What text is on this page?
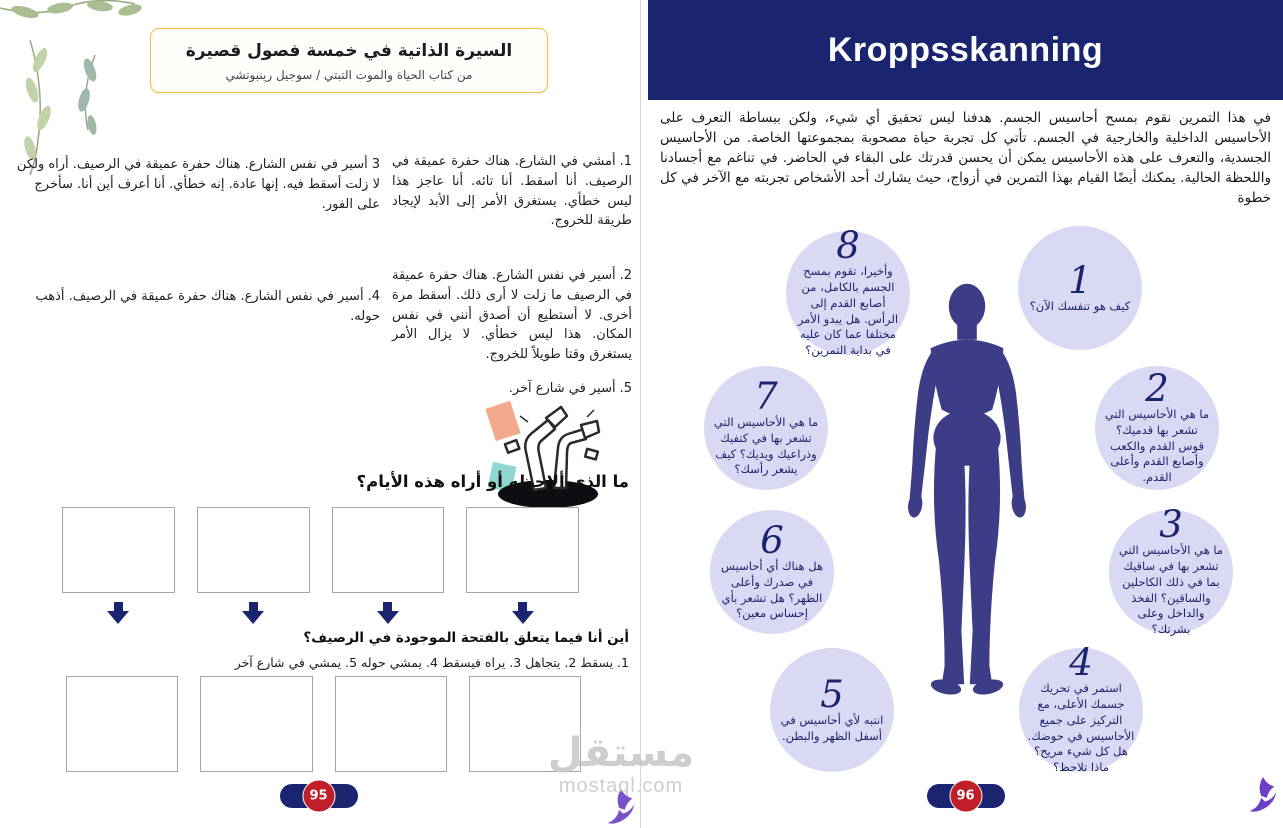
السيرة الذاتية في خمسة فصول قصيرة
من كتاب الحياة والموت التبتي / سوجيل رينبوتشي
1.أمشي في الشارع. هناك حفرة عميقة في الرصيف. أنا أسقط. أنا تائه. أنا عاجز هذا ليس خطأي. يستغرق الأمر إلى الأبد لإيجاد طريقة للخروج.
2.أسير في نفس الشارع. هناك حفرة عميقة في الرصيف ما زلت لا أرى ذلك. أسقط مرة أخرى. لا أستطيع أن أصدق أنني في نفس المكان. هذا ليس خطأي. لا يزال الأمر يستغرق وقتا طويلاً للخروج.
3أسير في نفس الشارع. هناك حفرة عميقة في الرصيف. أراه ولكن لا زلت أسقط فيه. إنها عادة. إنه خطأي. أنا أعرف أين أنا. سأخرج على الفور.
4.أسير في نفس الشارع. هناك حفرة عميقة في الرصيف. أذهب حوله.
5.أسير في شارع آخر.
ما الذي ألاحظه أو أراه هذه الأيام؟
أين أنا فيما يتعلق بالفتحة الموجودة في الرصيف؟
1. يسقط 2. يتجاهل 3. يراه فيسقط 4. يمشي حوله 5. يمشي في شارع آخر
95
Kroppsskanning
في هذا التمرين نقوم بمسح أحاسيس الجسم. هدفنا ليس تحقيق أي شيء، ولكن ببساطة التعرف على الأحاسيس الداخلية والخارجية في الجسم. تأتي كل تجربة حياة مصحوبة بمجموعتها الخاصة. من الأحاسيس الجسدية، والتعرف على هذه الأحاسيس يمكن أن يحسن قدرتك على البقاء في الحاضر. في تناغم مع أجسادنا واللحظة الحالية. يمكنك أيضًا القيام بهذا التمرين في أزواج، حيث يشارك أحد الأشخاص تجربته مع الآخر في كل خطوة
1
كيف هو تنفسك الآن؟
2
ما هي الأحاسيس التي تشعر بها قدميك؟ قوس القدم والكعب وأصابع القدم وأعلى القدم.
3
ما هي الأحاسيس التي تشعر بها في ساقيك بما في ذلك الكاحلين والساقين؟ الفخذ والداخل وعلى بشرتك؟
4
استمر في تحريك جسمك الأعلى، مع التركيز على جميع الأحاسيس في حوضك. هل كل شيء مريح؟ ماذا تلاحظ؟
5
انتبه لأي أحاسيس في أسفل الظهر والبطن.
6
هل هناك أي أحاسيس في صدرك وأعلى الظهر؟ هل تشعر بأي إحساس معين؟
7
ما هي الأحاسيس التي تشعر بها في كتفيك وذراعيك ويديك؟ كيف يشعر رأسك؟
8
وأخيرا، تقوم بمسح الجسم بالكامل، من أصابع القدم إلى الرأس. هل يبدو الأمر مختلفا عما كان عليه في بداية التمرين؟
96
مستقل
mostaql.com
